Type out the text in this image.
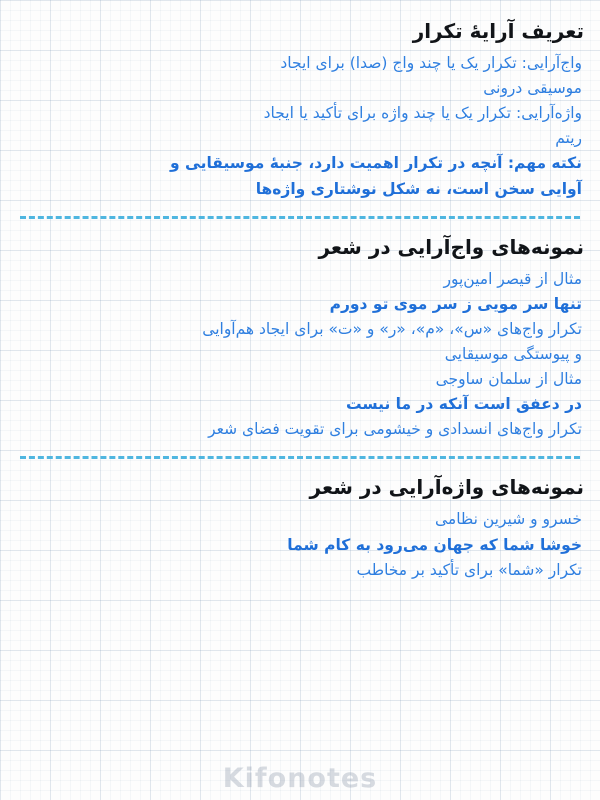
تعریف آرایهٔ تکرار
واج‌آرایی: تکرار یک یا چند واج (صدا) برای ایجاد
موسیقی درونی
واژه‌آرایی: تکرار یک یا چند واژه برای تأکید یا ایجاد
ریتم
نکته مهم: آنچه در تکرار اهمیت دارد، جنبهٔ موسیقایی و
آوایی سخن است، نه شکل نوشتاری واژه‌ها
نمونه‌های واج‌آرایی در شعر
مثال از قیصر امین‌پور
تنها سر مویی ز سر موی تو دورم
تکرار واج‌های «س»، «م»، «ر» و «ت» برای ایجاد هم‌آوایی
و پیوستگی موسیقایی
مثال از سلمان ساوجی
در دعفق است آنکه در ما نیست
تکرار واج‌های انسدادی و خیشومی برای تقویت فضای شعر
نمونه‌های واژه‌آرایی در شعر
خسرو و شیرین نظامی
خوشا شما که جهان می‌رود به کام شما
تکرار «شما» برای تأکید بر مخاطب
Kifonotes
